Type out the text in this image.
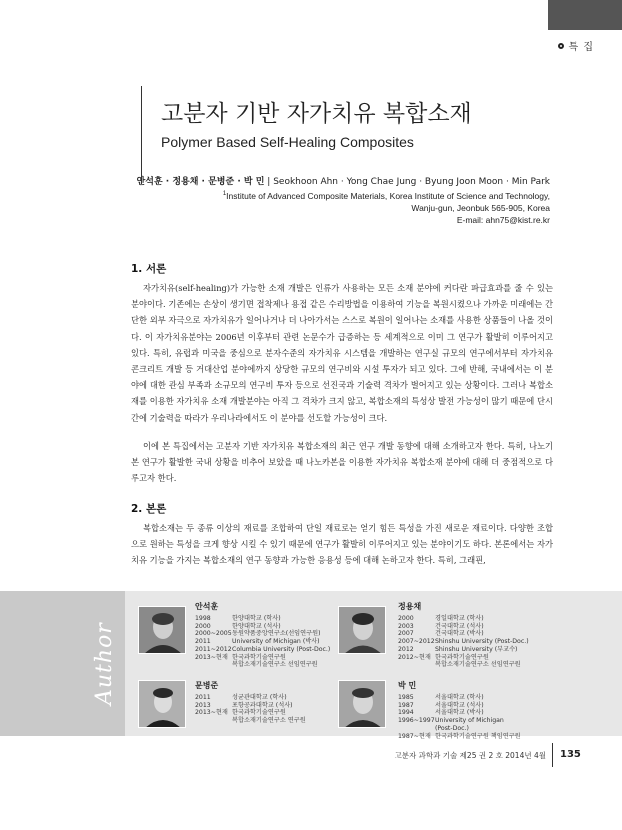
특 집
고분자 기반 자가치유 복합소재
Polymer Based Self-Healing Composites
안석훈 · 정용채 · 문병준 · 박 민 | Seokhoon Ahn · Yong Chae Jung · Byung Joon Moon · Min Park
$^1$Institute of Advanced Composite Materials, Korea Institute of Science and Technology,
Wanju-gun, Jeonbuk 565-905, Korea
E-mail: ahn75@kist.re.kr
1. 서론

자가치유(self-healing)가 가능한 소재 개발은 인류가 사용하는 모든 소재 분야에 커다란 파급효과를 줄 수 있는 분야이다. 기존에는 손상이 생기면 접착제나 용접 같은 수리방법을 이용하여 기능을 복원시켰으나 가까운 미래에는 간단한 외부 자극으로 자가치유가 일어나거나 더 나아가서는 스스로 복원이 일어나는 소재를 사용한 상품들이 나올 것이다. 이 자가치유분야는 2006년 이후부터 관련 논문수가 급증하는 등 세계적으로 이미 그 연구가 활발히 이루어지고 있다. 특히, 유럽과 미국을 중심으로 분자수준의 자가치유 시스템을 개발하는 연구실 규모의 연구에서부터 자가치유 콘크리트 개발 등 거대산업 분야에까지 상당한 규모의 연구비와 시설 투자가 되고 있다. 그에 반해, 국내에서는 이 분야에 대한 관심 부족과 소규모의 연구비 투자 등으로 선진국과 기술력 격차가 벌어지고 있는 상황이다. 그러나 복합소재를 이용한 자가치유 소재 개발분야는 아직 그 격차가 크지 않고, 복합소재의 특성상 발전 가능성이 많기 때문에 단시간에 기술력을 따라가 우리나라에서도 이 분야를 선도할 가능성이 크다.

이에 본 특집에서는 고분자 기반 자가치유 복합소재의 최근 연구 개발 동향에 대해 소개하고자 한다. 특히, 나노기본 연구가 활발한 국내 상황을 비추어 보았을 때 나노카본을 이용한 자가치유 복합소재 분야에 대해 더 중점적으로 다루고자 한다.

2. 본론

복합소재는 두 종류 이상의 재료를 조합하여 단일 재료로는 얻기 힘든 특성을 가진 새로운 재료이다. 다양한 조합으로 원하는 특성을 크게 향상 시킬 수 있기 때문에 연구가 활발히 이루어지고 있는 분야이기도 하다. 본론에서는 자가치유 기능을 가지는 복합소재의 연구 동향과 가능한 응용성 등에 대해 논하고자 한다. 특히, 그래핀,

Author
안석훈
1998	한양대학교 (학사)
2000	한양대학교 (석사)
2000~2005	동원약품중앙연구소(선임연구원)
2011	University of Michigan (박사)
2011~2012	Columbia University (Post-Doc.)
2013~현재	한국과학기술연구원
	복합소재기술연구소 선임연구원
정용채
2000	경일대학교 (학사)
2003	건국대학교 (석사)
2007	건국대학교 (박사)
2007~2012	Shinshu University (Post-Doc.)
2012	Shinshu University (부교수)
2012~현재	한국과학기술연구원
	복합소재기술연구소 선임연구원
문병준
2011	성균관대학교 (학사)
2013	포항공과대학교 (석사)
2013~현재	한국과학기술연구원
	복합소재기술연구소 연구원
박 민
1985	서울대학교 (학사)
1987	서울대학교 (석사)
1994	서울대학교 (박사)
1996~1997	University of Michigan
	(Post-Doc.)
1987~현재	한국과학기술연구원 책임연구원
고분자 과학과 기술 제25 권 2 호 2014년 4월 135
